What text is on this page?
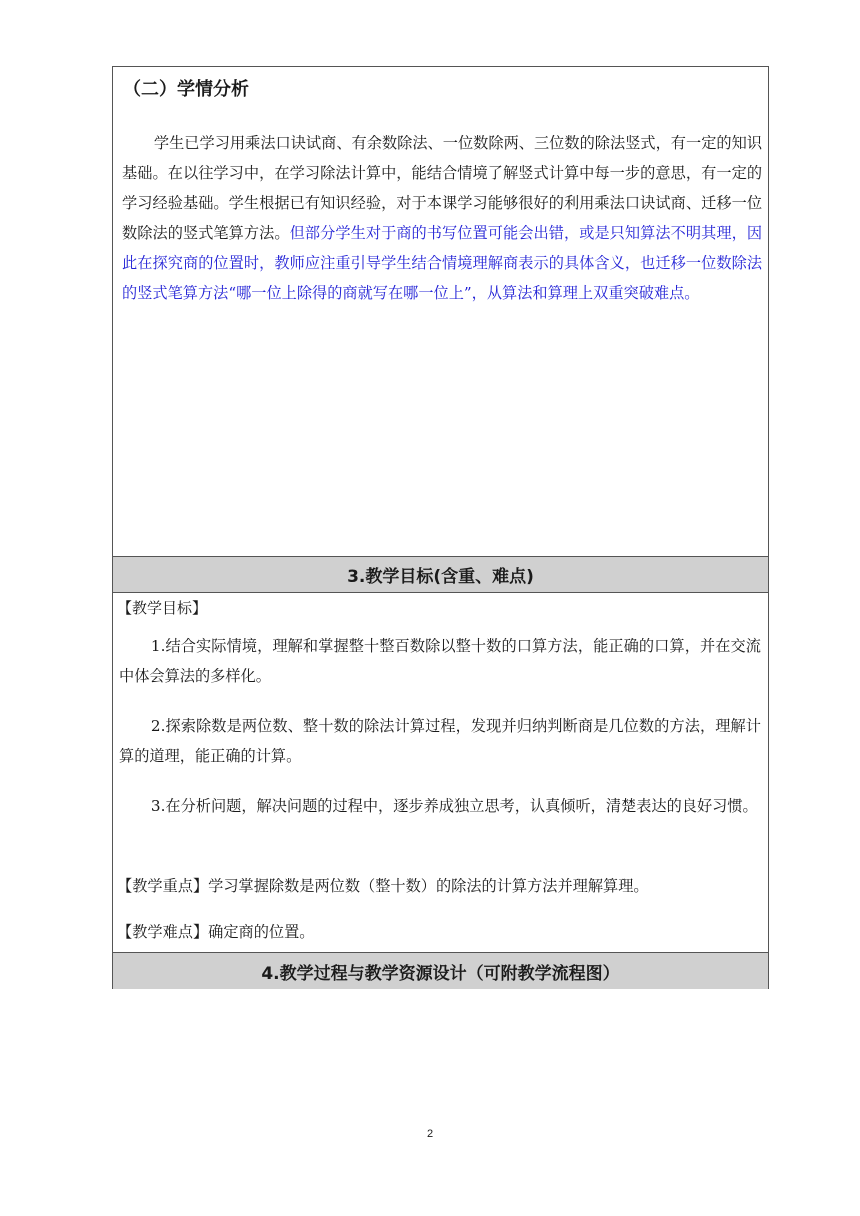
（二）学情分析

学生已学习用乘法口诀试商、有余数除法、一位数除两、三位数的除法竖式，有一定的知识基础。在以往学习中，在学习除法计算中，能结合情境了解竖式计算中每一步的意思，有一定的学习经验基础。学生根据已有知识经验，对于本课学习能够很好的利用乘法口诀试商、迁移一位数除法的竖式笔算方法。但部分学生对于商的书写位置可能会出错，或是只知算法不明其理，因此在探究商的位置时，教师应注重引导学生结合情境理解商表示的具体含义，也迁移一位数除法的竖式笔算方法“哪一位上除得的商就写在哪一位上”，从算法和算理上双重突破难点。

3.教学目标(含重、难点)
【教学目标】

1.结合实际情境，理解和掌握整十整百数除以整十数的口算方法，能正确的口算，并在交流中体会算法的多样化。

2.探索除数是两位数、整十数的除法计算过程，发现并归纳判断商是几位数的方法，理解计算的道理，能正确的计算。

3.在分析问题，解决问题的过程中，逐步养成独立思考，认真倾听，清楚表达的良好习惯。

【教学重点】学习掌握除数是两位数（整十数）的除法的计算方法并理解算理。
【教学难点】确定商的位置。
4.教学过程与教学资源设计（可附教学流程图）
2
